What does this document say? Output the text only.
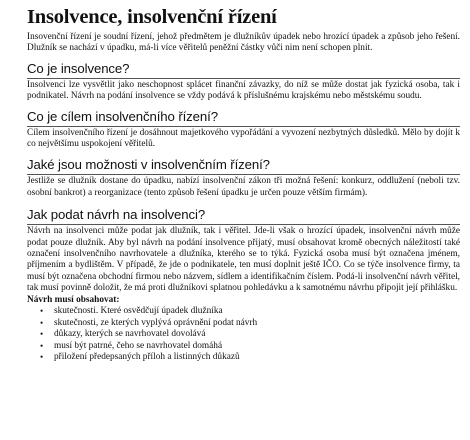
Insolvence, insolvenční řízení

Insovenční řízení je soudní řízení, jehož předmětem je dlužníkův úpadek nebo hrozící úpadek a způsob jeho řešení. Dlužník se nachází v úpadku, má-li více věřitelů peněžní částky vůči nim není schopen plnit.

Co je insolvence?

Insolvenci lze vysvětlit jako neschopnost splácet finanční závazky, do níž se může dostat jak fyzická osoba, tak i podnikatel. Návrh na podání insolvence se vždy podává k příslušnému krajskému nebo městskému soudu.

Co je cílem insolvenčního řízení?

Cílem insolvenčního řízení je dosáhnout majetkového vypořádání a vyvození nezbytných důsledků. Mělo by dojít k co největšímu uspokojení věřitelů.

Jaké jsou možnosti v insolvenčním řízení?

Jestliže se dlužník dostane do úpadku, nabízí insolvenční zákon tři možná řešení: konkurz, oddlužení (neboli tzv. osobní bankrot) a reorganizace (tento způsob řešení úpadku je určen pouze větším firmám).

Jak podat návrh na insolvenci?

Návrh na insolvenci může podat jak dlužník, tak i věřitel. Jde-li však o hrozící úpadek, insolvenční návrh může podat pouze dlužník. Aby byl návrh na podání insolvence přijatý, musí obsahovat kromě obecných náležitostí také označení insolvenčního navrhovatele a dlužníka, kterého se to týká. Fyzická osoba musí být označena jménem, příjmením a bydlištěm. V případě, že jde o podnikatele, ten musí doplnit ještě IČO. Co se týče insolvence firmy, ta musí být označena obchodní firmou nebo názvem, sídlem a identifikačním číslem. Podá-li insolvenční návrh věřitel, tak musí povinně doložit, že má proti dlužníkovi splatnou pohledávku a k samotnému návrhu připojit její přihlášku.

Návrh musí obsahovat:
• skutečnosti. Které osvědčují úpadek dlužníka
• skutečnosti, ze kterých vyplývá oprávnění podat návrh
• důkazy, kterých se navrhovatel dovolává
• musí být patrné, čeho se navrhovatel domáhá
• přiložení předepsaných příloh a listinných důkazů
